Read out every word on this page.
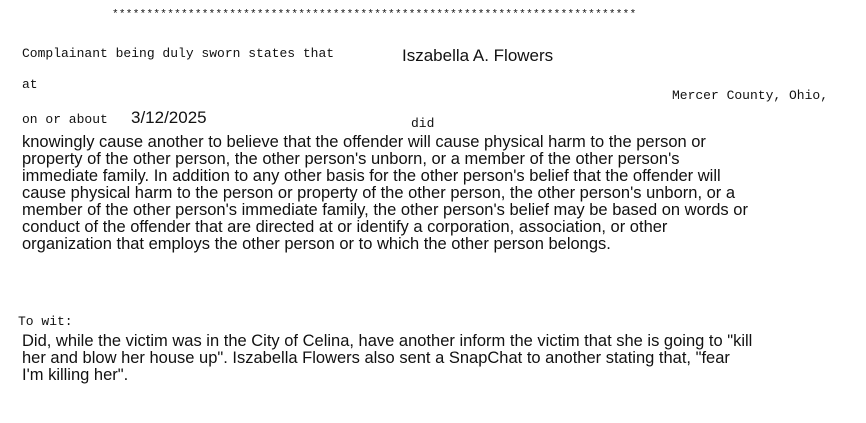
****************************************************************************
Complainant being duly sworn states that	Iszabella A. Flowers
at
Mercer County, Ohio,
on or about 3/12/2025	did
knowingly cause another to believe that the offender will cause physical harm to the person or
property of the other person, the other person's unborn, or a member of the other person's
immediate family. In addition to any other basis for the other person's belief that the offender will
cause physical harm to the person or property of the other person, the other person's unborn, or a
member of the other person's immediate family, the other person's belief may be based on words or
conduct of the offender that are directed at or identify a corporation, association, or other
organization that employs the other person or to which the other person belongs.
To wit:
Did, while the victim was in the City of Celina, have another inform the victim that she is going to "kill
her and blow her house up". Iszabella Flowers also sent a SnapChat to another stating that, "fear
I'm killing her".
